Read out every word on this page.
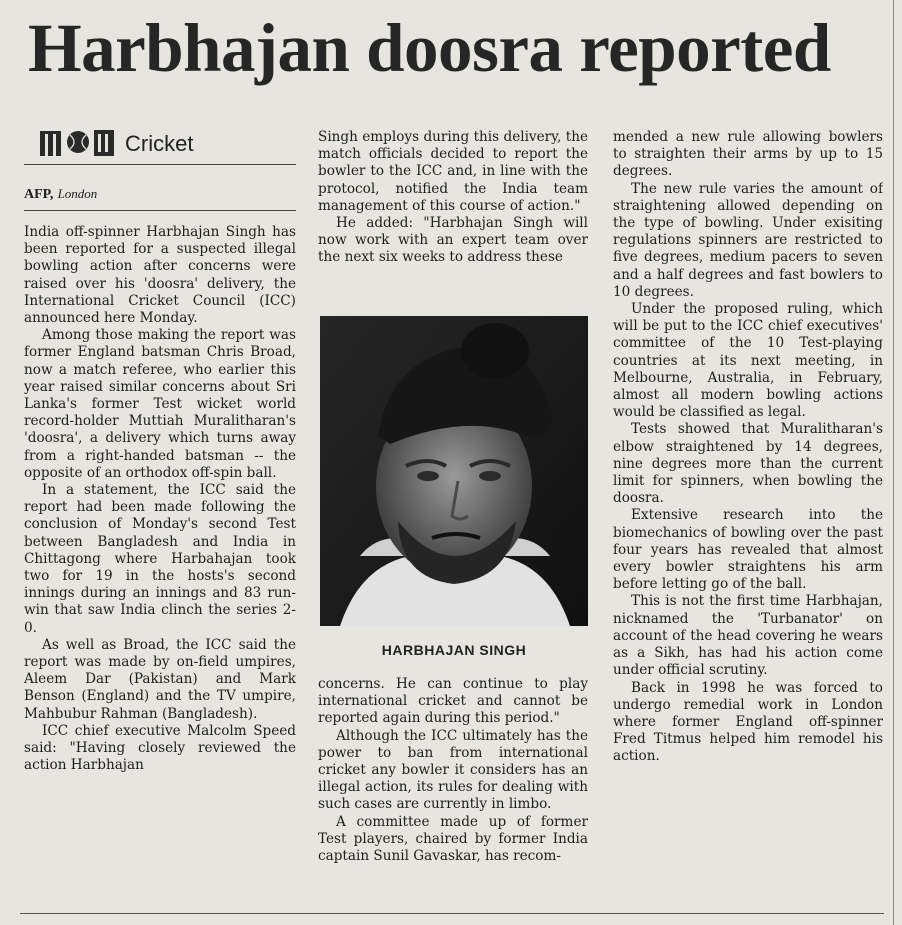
Harbhajan doosra reported
Cricket
AFP, London

India off-spinner Harbhajan Singh has been reported for a suspected illegal bowling action after concerns were raised over his 'doosra' delivery, the International Cricket Council (ICC) announced here Monday.

Among those making the report was former England batsman Chris Broad, now a match referee, who earlier this year raised similar concerns about Sri Lanka's former Test wicket world record-holder Muttiah Muralitharan's 'doosra', a delivery which turns away from a right-handed batsman -- the opposite of an orthodox off-spin ball.

In a statement, the ICC said the report had been made following the conclusion of Monday's second Test between Bangladesh and India in Chittagong where Harbahajan took two for 19 in the hosts's second innings during an innings and 83 run-win that saw India clinch the series 2-0.

As well as Broad, the ICC said the report was made by on-field umpires, Aleem Dar (Pakistan) and Mark Benson (England) and the TV umpire, Mahbubur Rahman (Bangladesh).

ICC chief executive Malcolm Speed said: "Having closely reviewed the action Harbhajan

Singh employs during this delivery, the match officials decided to report the bowler to the ICC and, in line with the protocol, notified the India team management of this course of action."

He added: "Harbhajan Singh will now work with an expert team over the next six weeks to address these

HARBHAJAN SINGH

concerns. He can continue to play international cricket and cannot be reported again during this period."

Although the ICC ultimately has the power to ban from international cricket any bowler it considers has an illegal action, its rules for dealing with such cases are currently in limbo.

A committee made up of former Test players, chaired by former India captain Sunil Gavaskar, has recom-

mended a new rule allowing bowlers to straighten their arms by up to 15 degrees.

The new rule varies the amount of straightening allowed depending on the type of bowling. Under exisiting regulations spinners are restricted to five degrees, medium pacers to seven and a half degrees and fast bowlers to 10 degrees.

Under the proposed ruling, which will be put to the ICC chief executives' committee of the 10 Test-playing countries at its next meeting, in Melbourne, Australia, in February, almost all modern bowling actions would be classified as legal.

Tests showed that Muralitharan's elbow straightened by 14 degrees, nine degrees more than the current limit for spinners, when bowling the doosra.

Extensive research into the biomechanics of bowling over the past four years has revealed that almost every bowler straightens his arm before letting go of the ball.

This is not the first time Harbhajan, nicknamed the 'Turbanator' on account of the head covering he wears as a Sikh, has had his action come under official scrutiny.

Back in 1998 he was forced to undergo remedial work in London where former England off-spinner Fred Titmus helped him remodel his action.
